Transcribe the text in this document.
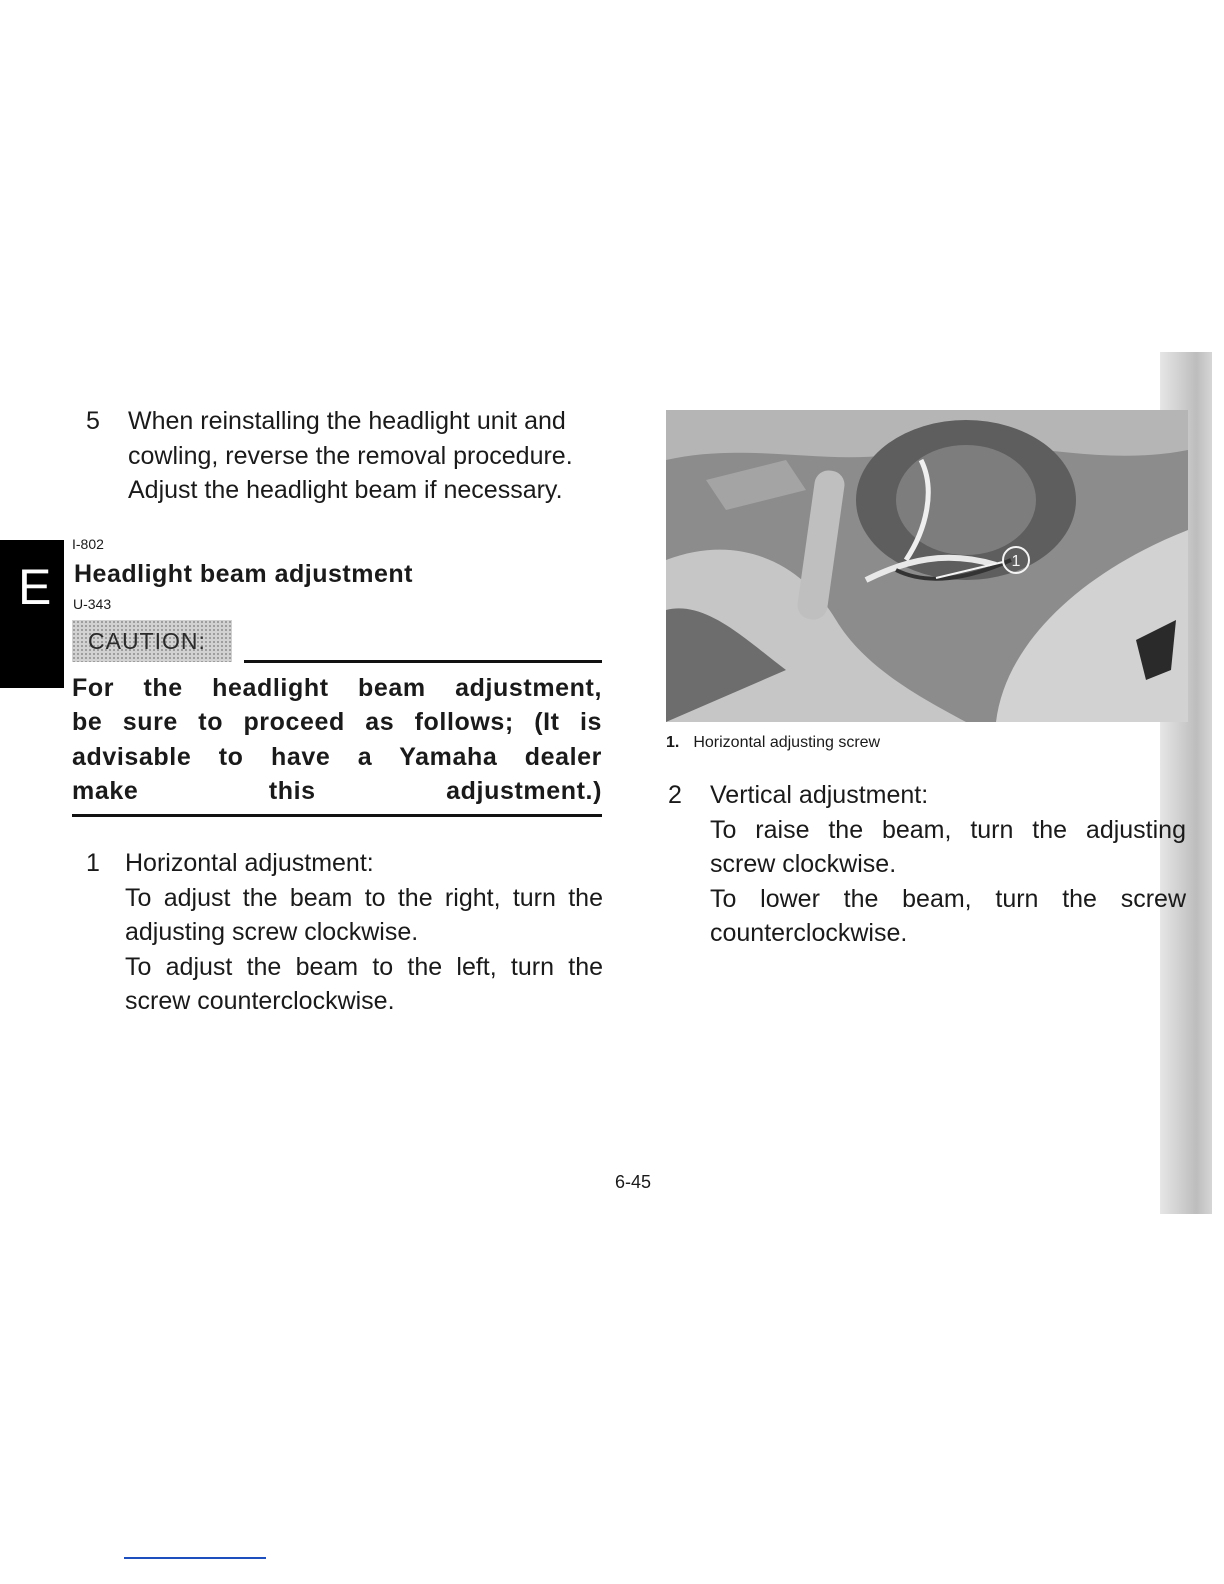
5 When reinstalling the headlight unit and
cowling, reverse the removal procedure.
Adjust the headlight beam if necessary.
E
I-802
Headlight beam adjustment
U-343
CAUTION:
For the headlight beam adjustment,
be sure to proceed as follows; (It is
advisable to have a Yamaha dealer
make this adjustment.)
1 Horizontal adjustment:
To adjust the beam to the right, turn the
adjusting screw clockwise.
To adjust the beam to the left, turn the
screw counterclockwise.
1
1. Horizontal adjusting screw
2 Vertical adjustment:
To raise the beam, turn the adjusting
screw clockwise.
To lower the beam, turn the screw
counterclockwise.
6-45
